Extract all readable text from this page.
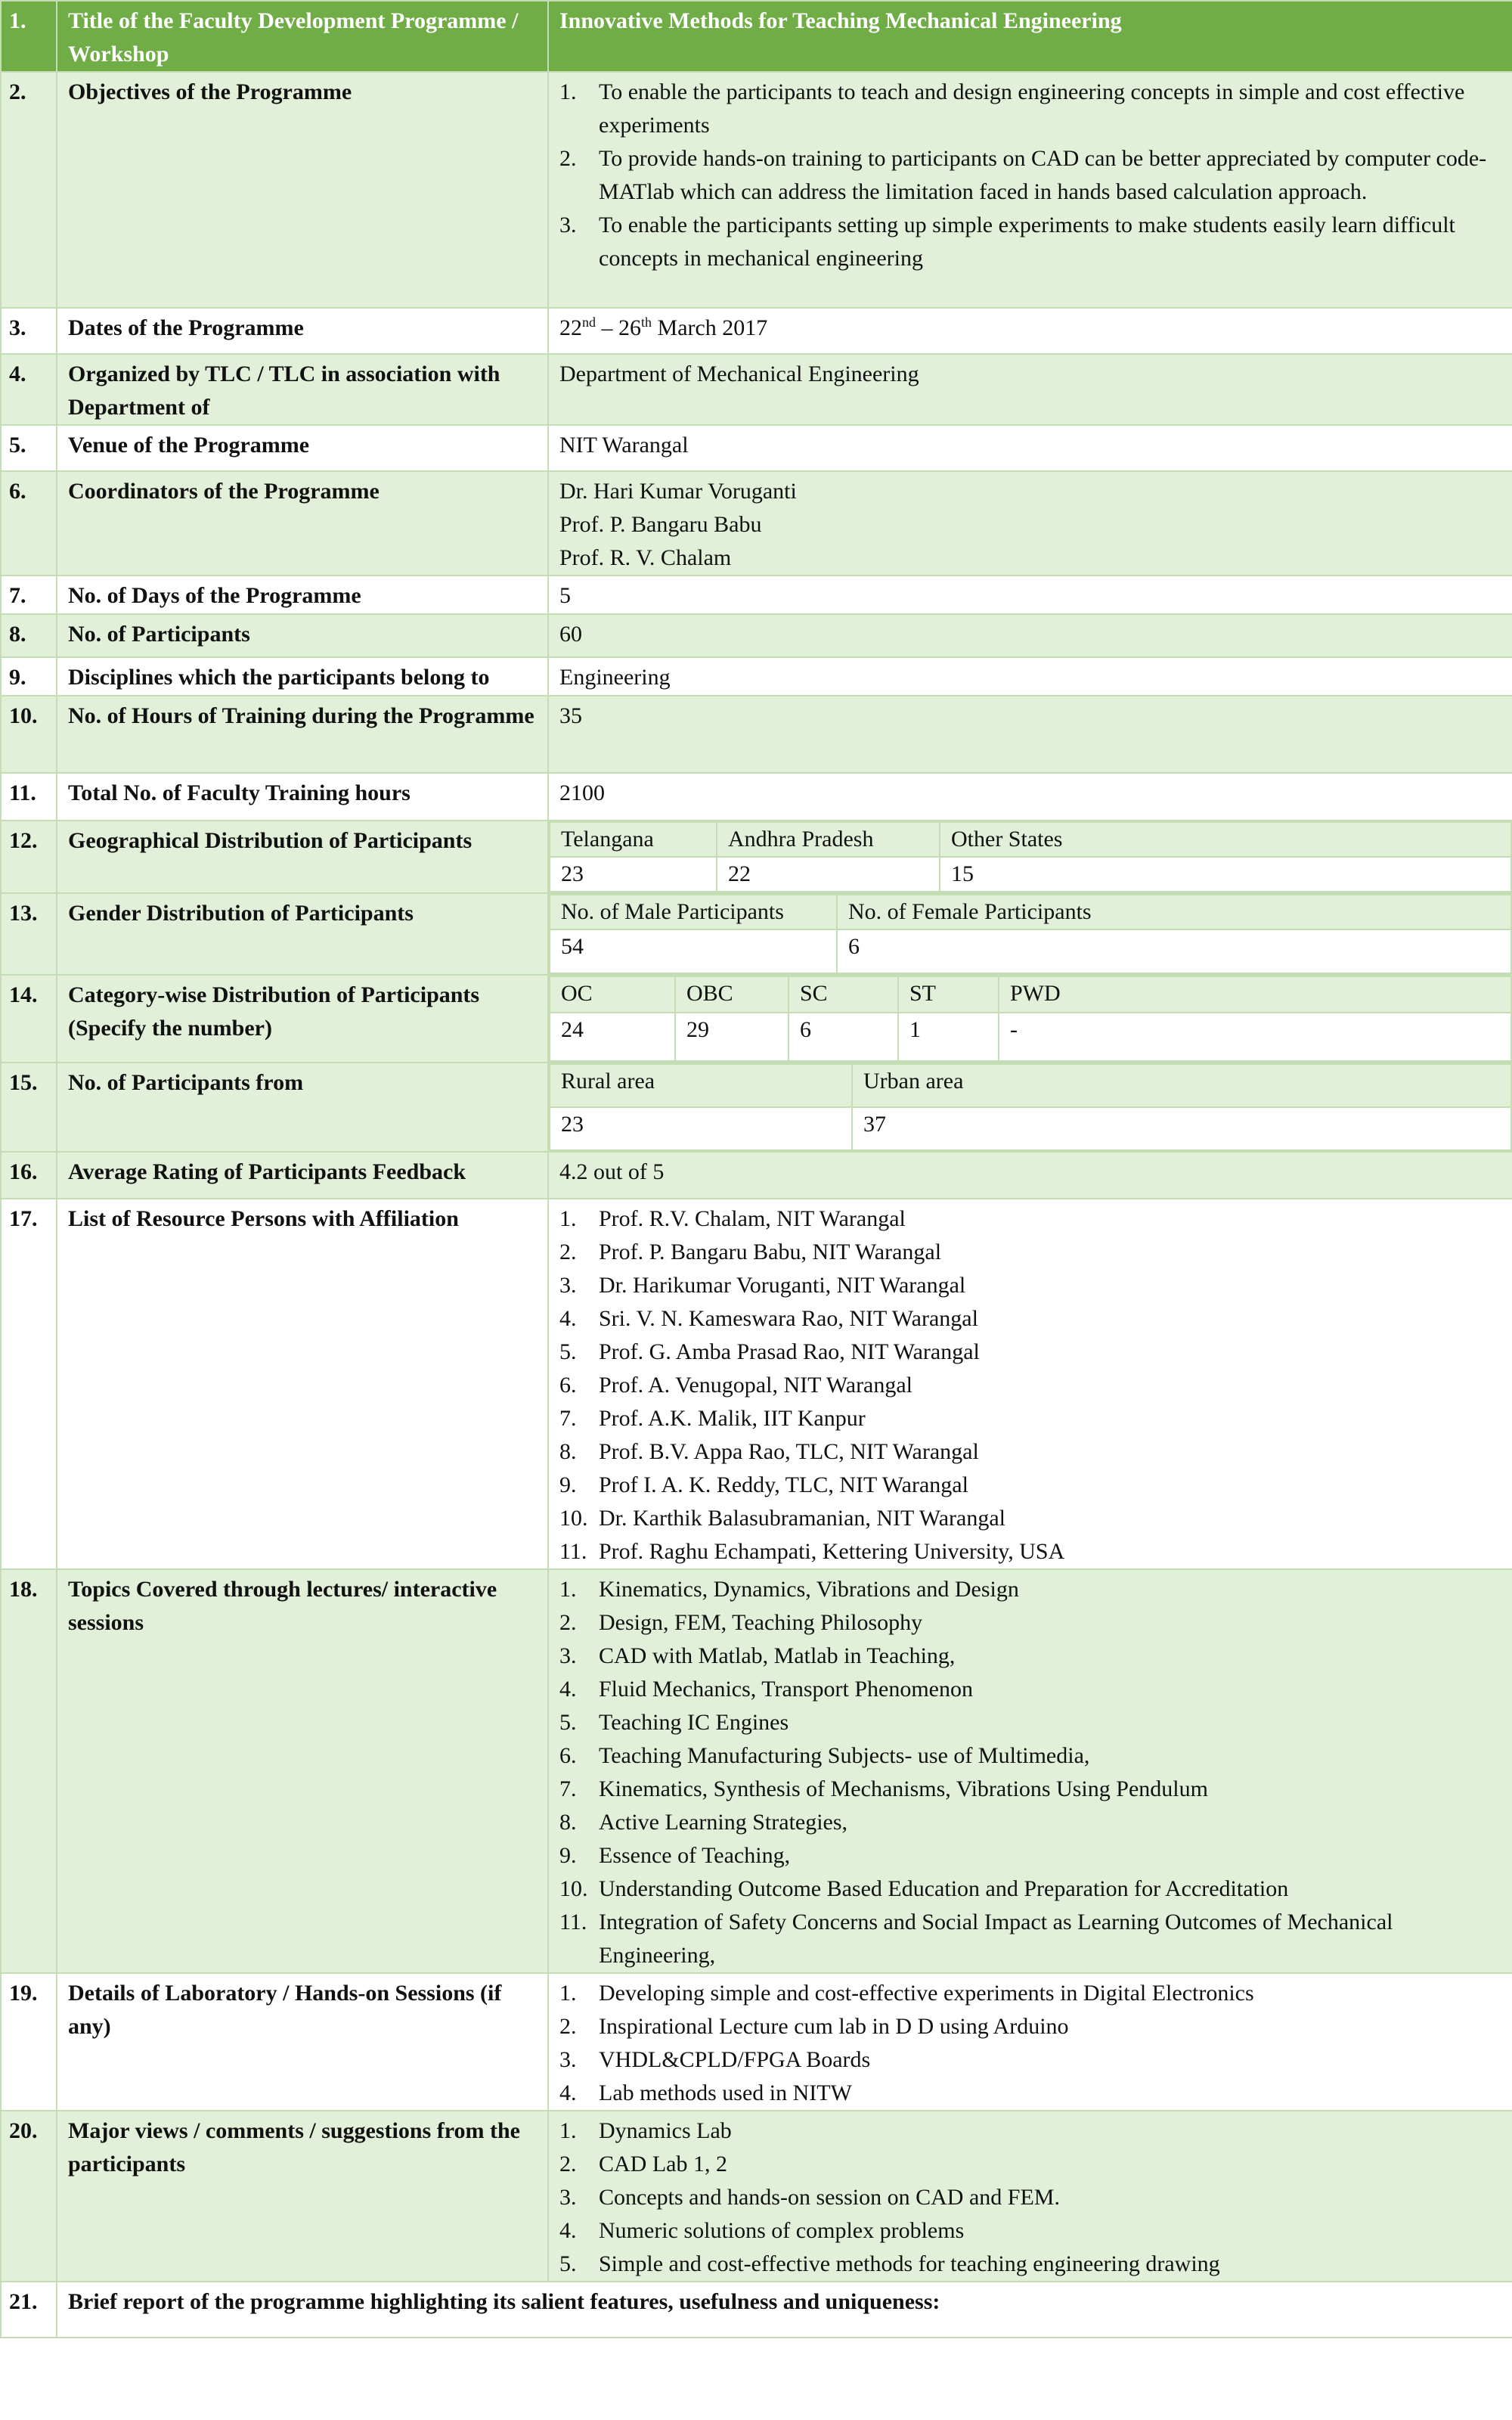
1.	Title of the Faculty Development Programme / Workshop	Innovative Methods for Teaching Mechanical Engineering
2.	Objectives of the Programme	1. To enable the participants to teach and design engineering concepts in simple and cost effective experiments
2. To provide hands-on training to participants on CAD can be better appreciated by computer code- MATlab which can address the limitation faced in hands based calculation approach.
3. To enable the participants setting up simple experiments to make students easily learn difficult concepts in mechanical engineering

3.	Dates of the Programme	22nd – 26th March 2017
4.	Organized by TLC / TLC in association with Department of	Department of Mechanical Engineering
5.	Venue of the Programme	NIT Warangal
6.	Coordinators of the Programme	Dr. Hari Kumar Voruganti
Prof. P. Bangaru Babu
Prof. R. V. Chalam

7.	No. of Days of the Programme	5
8.	No. of Participants	60
9.	Disciplines which the participants belong to	Engineering
10.	No. of Hours of Training during the Programme	35
11.	Total No. of Faculty Training hours	2100
12.	Geographical Distribution of Participants		Telangana	Andhra Pradesh	Other States
23	22	15

13.	Gender Distribution of Participants		No. of Male Participants	No. of Female Participants
54	6

14.	Category-wise Distribution of Participants (Specify the number)	
OC	OBC	SC	ST	PWD
24	29	6	1	-

15.	No. of Participants from		Rural area	Urban area
23	37

16.	Average Rating of Participants Feedback	4.2 out of 5
17.	List of Resource Persons with Affiliation	1. Prof. R.V. Chalam, NIT Warangal
2. Prof. P. Bangaru Babu, NIT Warangal
3. Dr. Harikumar Voruganti, NIT Warangal
4. Sri. V. N. Kameswara Rao, NIT Warangal
5. Prof. G. Amba Prasad Rao, NIT Warangal
6. Prof. A. Venugopal, NIT Warangal
7. Prof. A.K. Malik, IIT Kanpur
8. Prof. B.V. Appa Rao, TLC, NIT Warangal
9. Prof I. A. K. Reddy, TLC, NIT Warangal
10. Dr. Karthik Balasubramanian, NIT Warangal
11. Prof. Raghu Echampati, Kettering University, USA

18.	Topics Covered through lectures/ interactive sessions	
1. Kinematics, Dynamics, Vibrations and Design
2. Design, FEM, Teaching Philosophy
3. CAD with Matlab, Matlab in Teaching,
4. Fluid Mechanics, Transport Phenomenon
5. Teaching IC Engines
6. Teaching Manufacturing Subjects- use of Multimedia,
7. Kinematics, Synthesis of Mechanisms, Vibrations Using Pendulum
8. Active Learning Strategies,
9. Essence of Teaching,
10. Understanding Outcome Based Education and Preparation for Accreditation
11. Integration of Safety Concerns and Social Impact as Learning Outcomes of Mechanical Engineering,

19.	Details of Laboratory / Hands-on Sessions (if any)	
1. Developing simple and cost-effective experiments in Digital Electronics
2. Inspirational Lecture cum lab in D D using Arduino
3. VHDL&CPLD/FPGA Boards
4. Lab methods used in NITW

20.	Major views / comments / suggestions from the participants	
1. Dynamics Lab
2. CAD Lab 1, 2
3. Concepts and hands-on session on CAD and FEM.
4. Numeric solutions of complex problems
5. Simple and cost-effective methods for teaching engineering drawing

21.	Brief report of the programme highlighting its salient features, usefulness and uniqueness:
